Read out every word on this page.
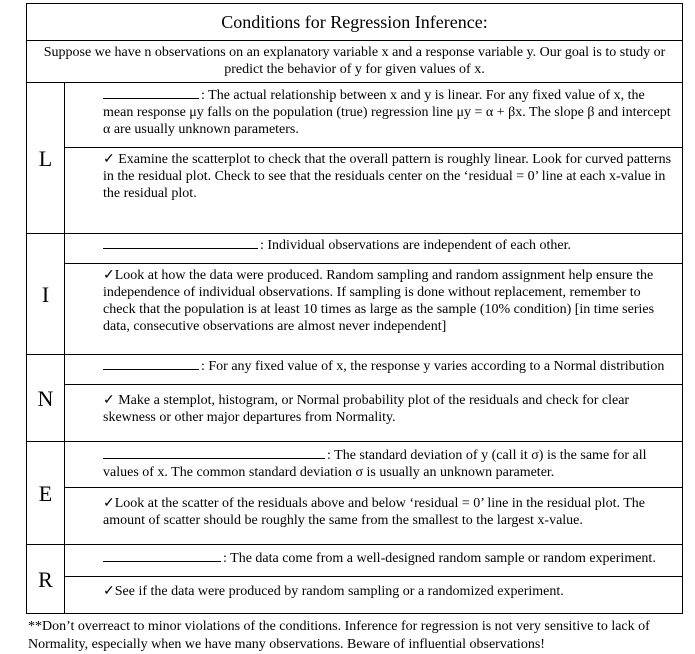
Conditions for Regression Inference:	
Suppose we have n observations on an explanatory variable x and a response variable y. Our goal is to study or predict the behavior of y for given values of x.	
L	: The actual relationship between x and y is linear. For any fixed value of x, the mean response μy falls on the population (true) regression line μy = α + βx. The slope β and intercept α are usually unknown parameters.
✓ Examine the scatterplot to check that the overall pattern is roughly linear. Look for curved patterns in the residual plot. Check to see that the residuals center on the ‘residual = 0’ line at each x-value in the residual plot.

I	: Individual observations are independent of each other.
✓Look at how the data were produced. Random sampling and random assignment help ensure the independence of individual observations. If sampling is done without replacement, remember to check that the population is at least 10 times as large as the sample (10% condition) [in time series data, consecutive observations are almost never independent]

N	: For any fixed value of x, the response y varies according to a Normal distribution
✓ Make a stemplot, histogram, or Normal probability plot of the residuals and check for clear skewness or other major departures from Normality.

E	: The standard deviation of y (call it σ) is the same for all values of x. The common standard deviation σ is usually an unknown parameter.
✓Look at the scatter of the residuals above and below ‘residual = 0’ line in the residual plot. The amount of scatter should be roughly the same from the smallest to the largest x-value.

R	: The data come from a well-designed random sample or random experiment.
✓See if the data were produced by random sampling or a randomized experiment.
**Don’t overreact to minor violations of the conditions. Inference for regression is not very sensitive to lack of Normality, especially when we have many observations. Beware of influential observations!
